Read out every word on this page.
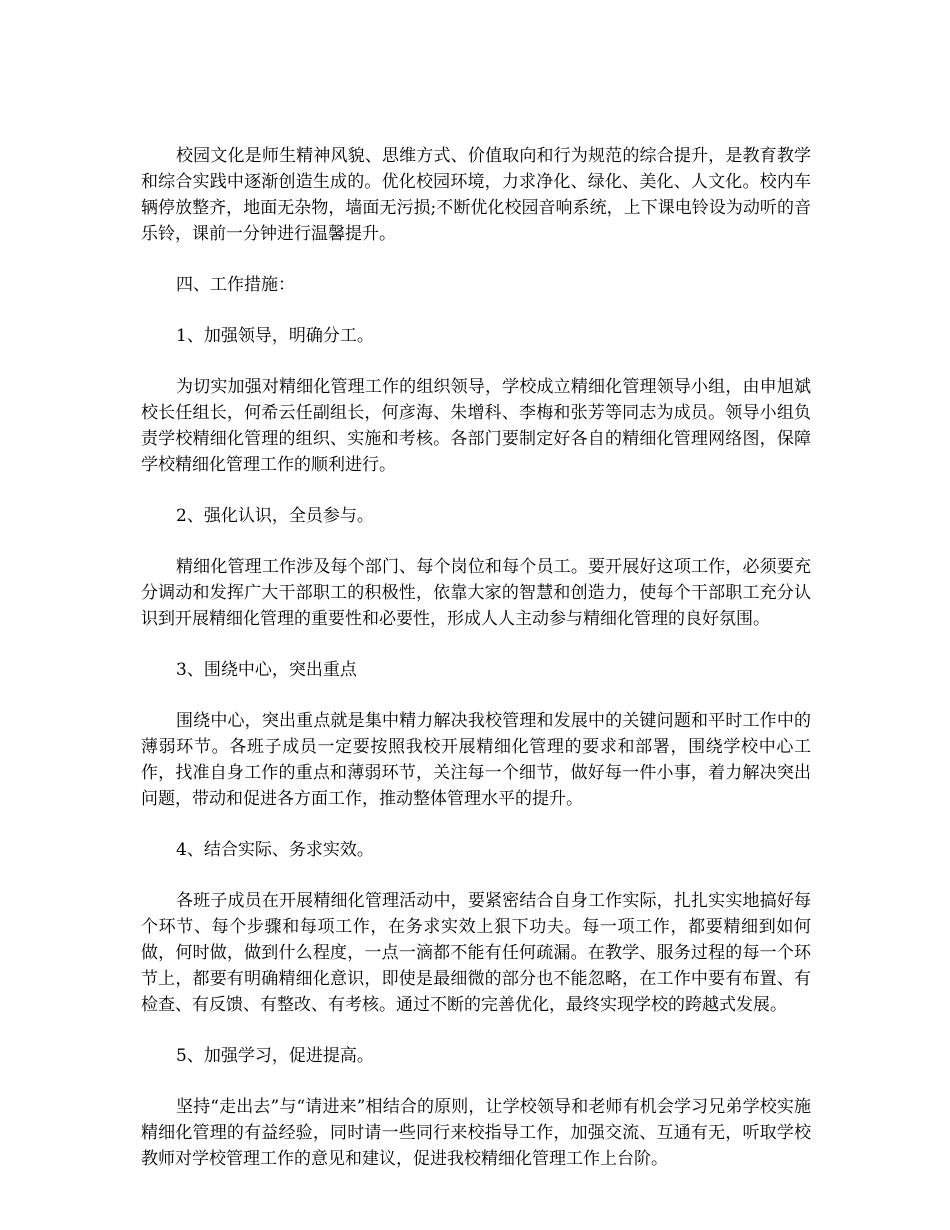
校园文化是师生精神风貌、思维方式、价值取向和行为规范的综合提升，是教育教学和综合实践中逐渐创造生成的。优化校园环境，力求净化、绿化、美化、人文化。校内车辆停放整齐，地面无杂物，墙面无污损;不断优化校园音响系统，上下课电铃设为动听的音乐铃，课前一分钟进行温馨提升。

四、工作措施：

1、加强领导，明确分工。

为切实加强对精细化管理工作的组织领导，学校成立精细化管理领导小组，由申旭斌校长任组长，何希云任副组长，何彦海、朱增科、李梅和张芳等同志为成员。领导小组负责学校精细化管理的组织、实施和考核。各部门要制定好各自的精细化管理网络图，保障学校精细化管理工作的顺利进行。

2、强化认识，全员参与。

精细化管理工作涉及每个部门、每个岗位和每个员工。要开展好这项工作，必须要充分调动和发挥广大干部职工的积极性，依靠大家的智慧和创造力，使每个干部职工充分认识到开展精细化管理的重要性和必要性，形成人人主动参与精细化管理的良好氛围。

3、围绕中心，突出重点

围绕中心，突出重点就是集中精力解决我校管理和发展中的关键问题和平时工作中的薄弱环节。各班子成员一定要按照我校开展精细化管理的要求和部署，围绕学校中心工作，找准自身工作的重点和薄弱环节，关注每一个细节，做好每一件小事，着力解决突出问题，带动和促进各方面工作，推动整体管理水平的提升。

4、结合实际、务求实效。

各班子成员在开展精细化管理活动中，要紧密结合自身工作实际，扎扎实实地搞好每个环节、每个步骤和每项工作，在务求实效上狠下功夫。每一项工作，都要精细到如何做，何时做，做到什么程度，一点一滴都不能有任何疏漏。在教学、服务过程的每一个环节上，都要有明确精细化意识，即使是最细微的部分也不能忽略，在工作中要有布置、有检查、有反馈、有整改、有考核。通过不断的完善优化，最终实现学校的跨越式发展。

5、加强学习，促进提高。

坚持“走出去”与“请进来”相结合的原则，让学校领导和老师有机会学习兄弟学校实施精细化管理的有益经验，同时请一些同行来校指导工作，加强交流、互通有无，听取学校教师对学校管理工作的意见和建议，促进我校精细化管理工作上台阶。
